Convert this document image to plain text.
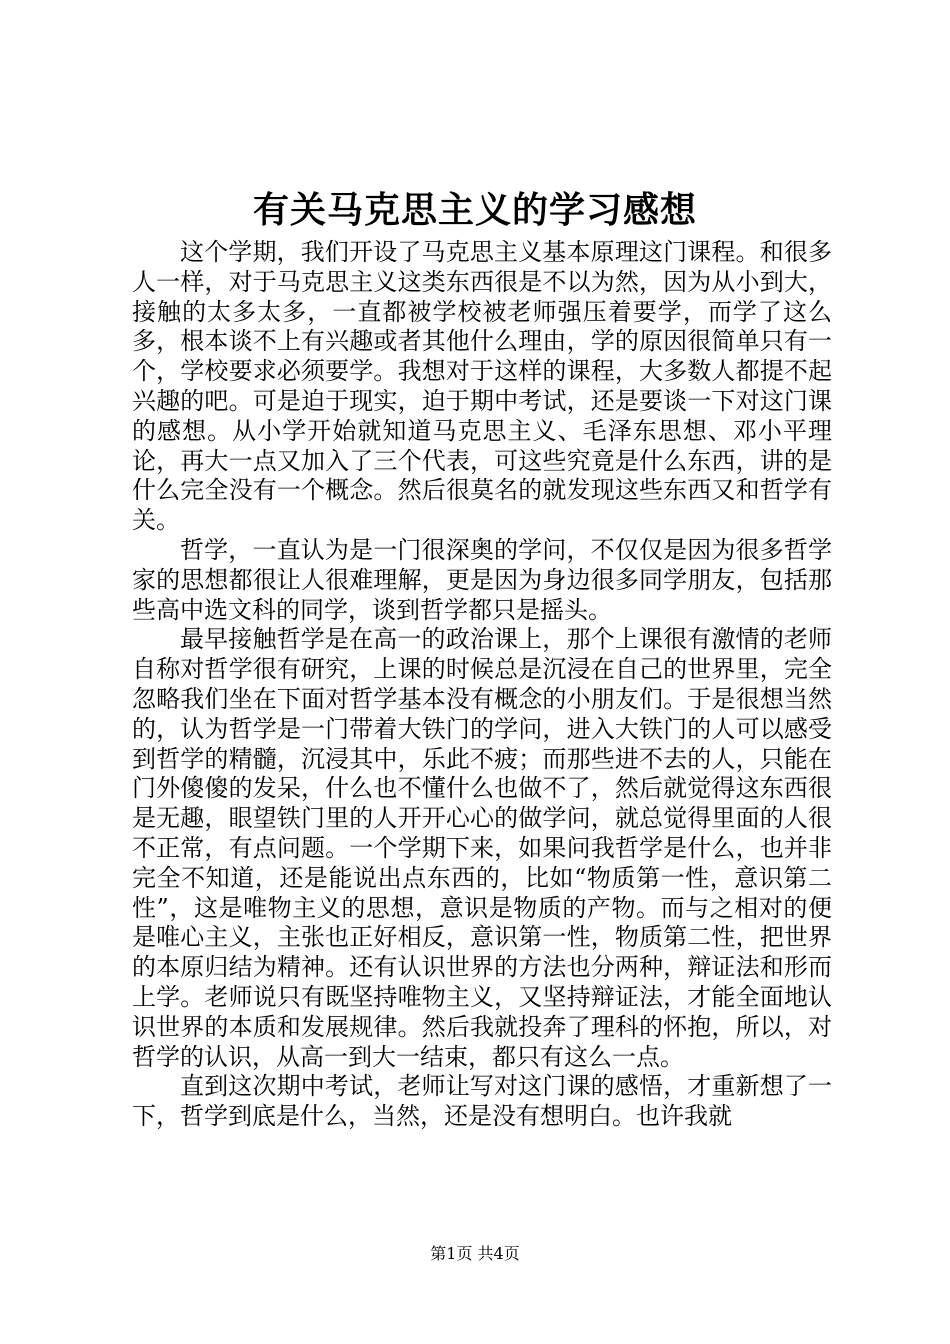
有关马克思主义的学习感想

这个学期，我们开设了马克思主义基本原理这门课程。和很多人一样，对于马克思主义这类东西很是不以为然，因为从小到大，接触的太多太多，一直都被学校被老师强压着要学，而学了这么多，根本谈不上有兴趣或者其他什么理由，学的原因很简单只有一个，学校要求必须要学。我想对于这样的课程，大多数人都提不起兴趣的吧。可是迫于现实，迫于期中考试，还是要谈一下对这门课的感想。从小学开始就知道马克思主义、毛泽东思想、邓小平理论，再大一点又加入了三个代表，可这些究竟是什么东西，讲的是什么完全没有一个概念。然后很莫名的就发现这些东西又和哲学有关。

哲学，一直认为是一门很深奥的学问，不仅仅是因为很多哲学家的思想都很让人很难理解，更是因为身边很多同学朋友，包括那些高中选文科的同学，谈到哲学都只是摇头。

最早接触哲学是在高一的政治课上，那个上课很有激情的老师自称对哲学很有研究，上课的时候总是沉浸在自己的世界里，完全忽略我们坐在下面对哲学基本没有概念的小朋友们。于是很想当然的，认为哲学是一门带着大铁门的学问，进入大铁门的人可以感受到哲学的精髓，沉浸其中，乐此不疲；而那些进不去的人，只能在门外傻傻的发呆，什么也不懂什么也做不了，然后就觉得这东西很是无趣，眼望铁门里的人开开心心的做学问，就总觉得里面的人很不正常，有点问题。一个学期下来，如果问我哲学是什么，也并非完全不知道，还是能说出点东西的，比如“物质第一性，意识第二性”，这是唯物主义的思想，意识是物质的产物。而与之相对的便是唯心主义，主张也正好相反，意识第一性，物质第二性，把世界的本原归结为精神。还有认识世界的方法也分两种，辩证法和形而上学。老师说只有既坚持唯物主义，又坚持辩证法，才能全面地认识世界的本质和发展规律。然后我就投奔了理科的怀抱，所以，对哲学的认识，从高一到大一结束，都只有这么一点。

直到这次期中考试，老师让写对这门课的感悟，才重新想了一下，哲学到底是什么，当然，还是没有想明白。也许我就

第1页 共4页
